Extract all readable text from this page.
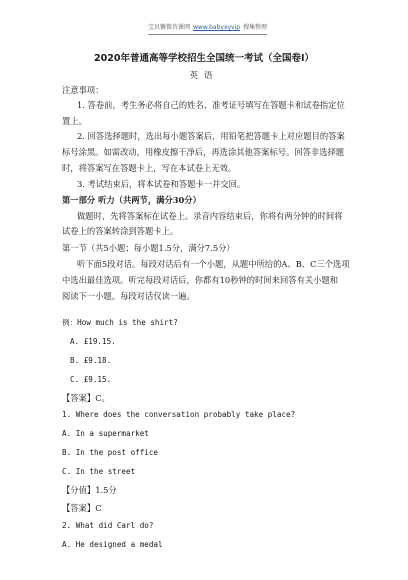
宝贝馨微咨课网 www.babyxyvip 搜集整理
2020年普通高等学校招生全国统一考试（全国卷Ⅰ）
英语
注意事项：
1. 答卷前，考生务必将自己的姓名、准考证号填写在答题卡和试卷指定位
置上。
2. 回答选择题时，选出每小题答案后，用铅笔把答题卡上对应题目的答案
标号涂黑。如需改动，用橡皮擦干净后，再选涂其他答案标号。回答非选择题
时，将答案写在答题卡上，写在本试卷上无效。
3. 考试结束后，将本试卷和答题卡一并交回。
第一部分 听力（共两节，满分30分）
做题时，先将答案标在试卷上。录音内容结束后，你将有两分钟的时间将
试卷上的答案转涂到答题卡上。
第一节（共5小题；每小题1.5分，满分7.5分）
听下面5段对话。每段对话后有一个小题，从题中所给的A、B、C三个选项
中选出最佳选项。听完每段对话后，你都有10秒钟的时间来回答有关小题和
阅读下一小题。每段对话仅读一遍。
例：How much is the shirt?
A. £19.15.
B. £9.18.
C. £9.15.
【答案】C。
1. Where does the conversation probably take place?
A. In a supermarket
B. In the post office
C. In the street
【分值】1.5分
【答案】C
2. What did Carl do?
A. He designed a medal
